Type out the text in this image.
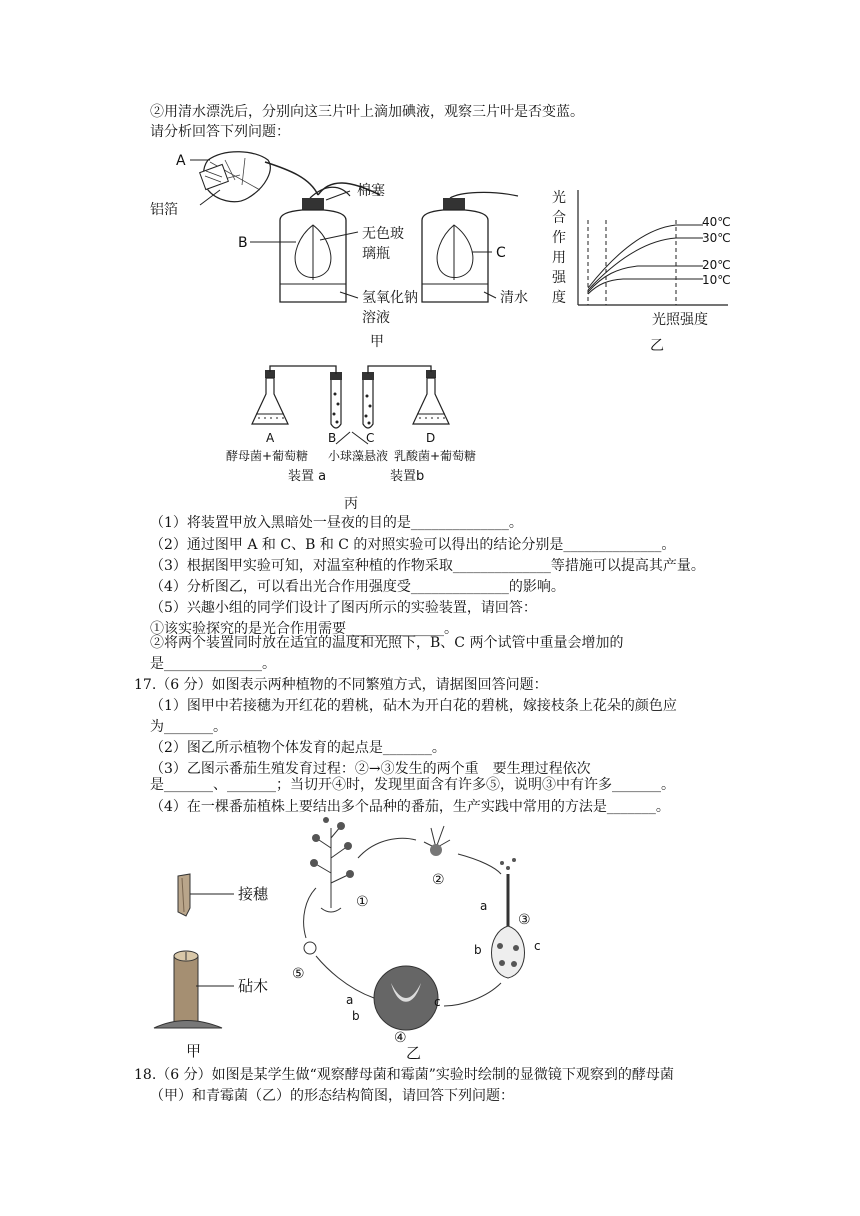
②用清水漂洗后，分别向这三片叶上滴加碘液，观察三片叶是否变蓝。
请分析回答下列问题：
A
铝箔
棉塞
B
无色玻
璃瓶	C
氢氧化钠
溶液
清水
甲
光
合
作
用
强
度
40℃
30℃
20℃
10℃
光照强度
乙
A	B C	D
酵母菌+葡萄糖 小球藻悬液 乳酸菌+葡萄糖
装置 a	装置b
丙
（1）将装置甲放入黑暗处一昼夜的目的是______________。
（2）通过图甲 A 和 C、B 和 C 的对照实验可以得出的结论分别是______________。
（3）根据图甲实验可知，对温室种植的作物采取______________等措施可以提高其产量。
（4）分析图乙，可以看出光合作用强度受______________的影响。
（5）兴趣小组的同学们设计了图丙所示的实验装置，请回答：
①该实验探究的是光合作用需要______________。
②将两个装置同时放在适宜的温度和光照下，B、C 两个试管中重量会增加的
是______________。
17.（6 分）如图表示两种植物的不同繁殖方式，请据图回答问题：
（1）图甲中若接穗为开红花的碧桃，砧木为开白花的碧桃，嫁接枝条上花朵的颜色应
为_______。
（2）图乙所示植物个体发育的起点是_______。
（3）乙图示番茄生殖发育过程：②→③发生的两个重　要生理过程依次
是_______、_______；当切开④时，发现里面含有许多⑤，说明③中有许多_______。
（4）在一棵番茄植株上要结出多个品种的番茄，生产实践中常用的方法是_______。
接穗
砧木
甲
①
②
③
④
⑤
a
b	c
a
b
c
乙
18.（6 分）如图是某学生做“观察酵母菌和霉菌”实验时绘制的显微镜下观察到的酵母菌
（甲）和青霉菌（乙）的形态结构简图，请回答下列问题：
